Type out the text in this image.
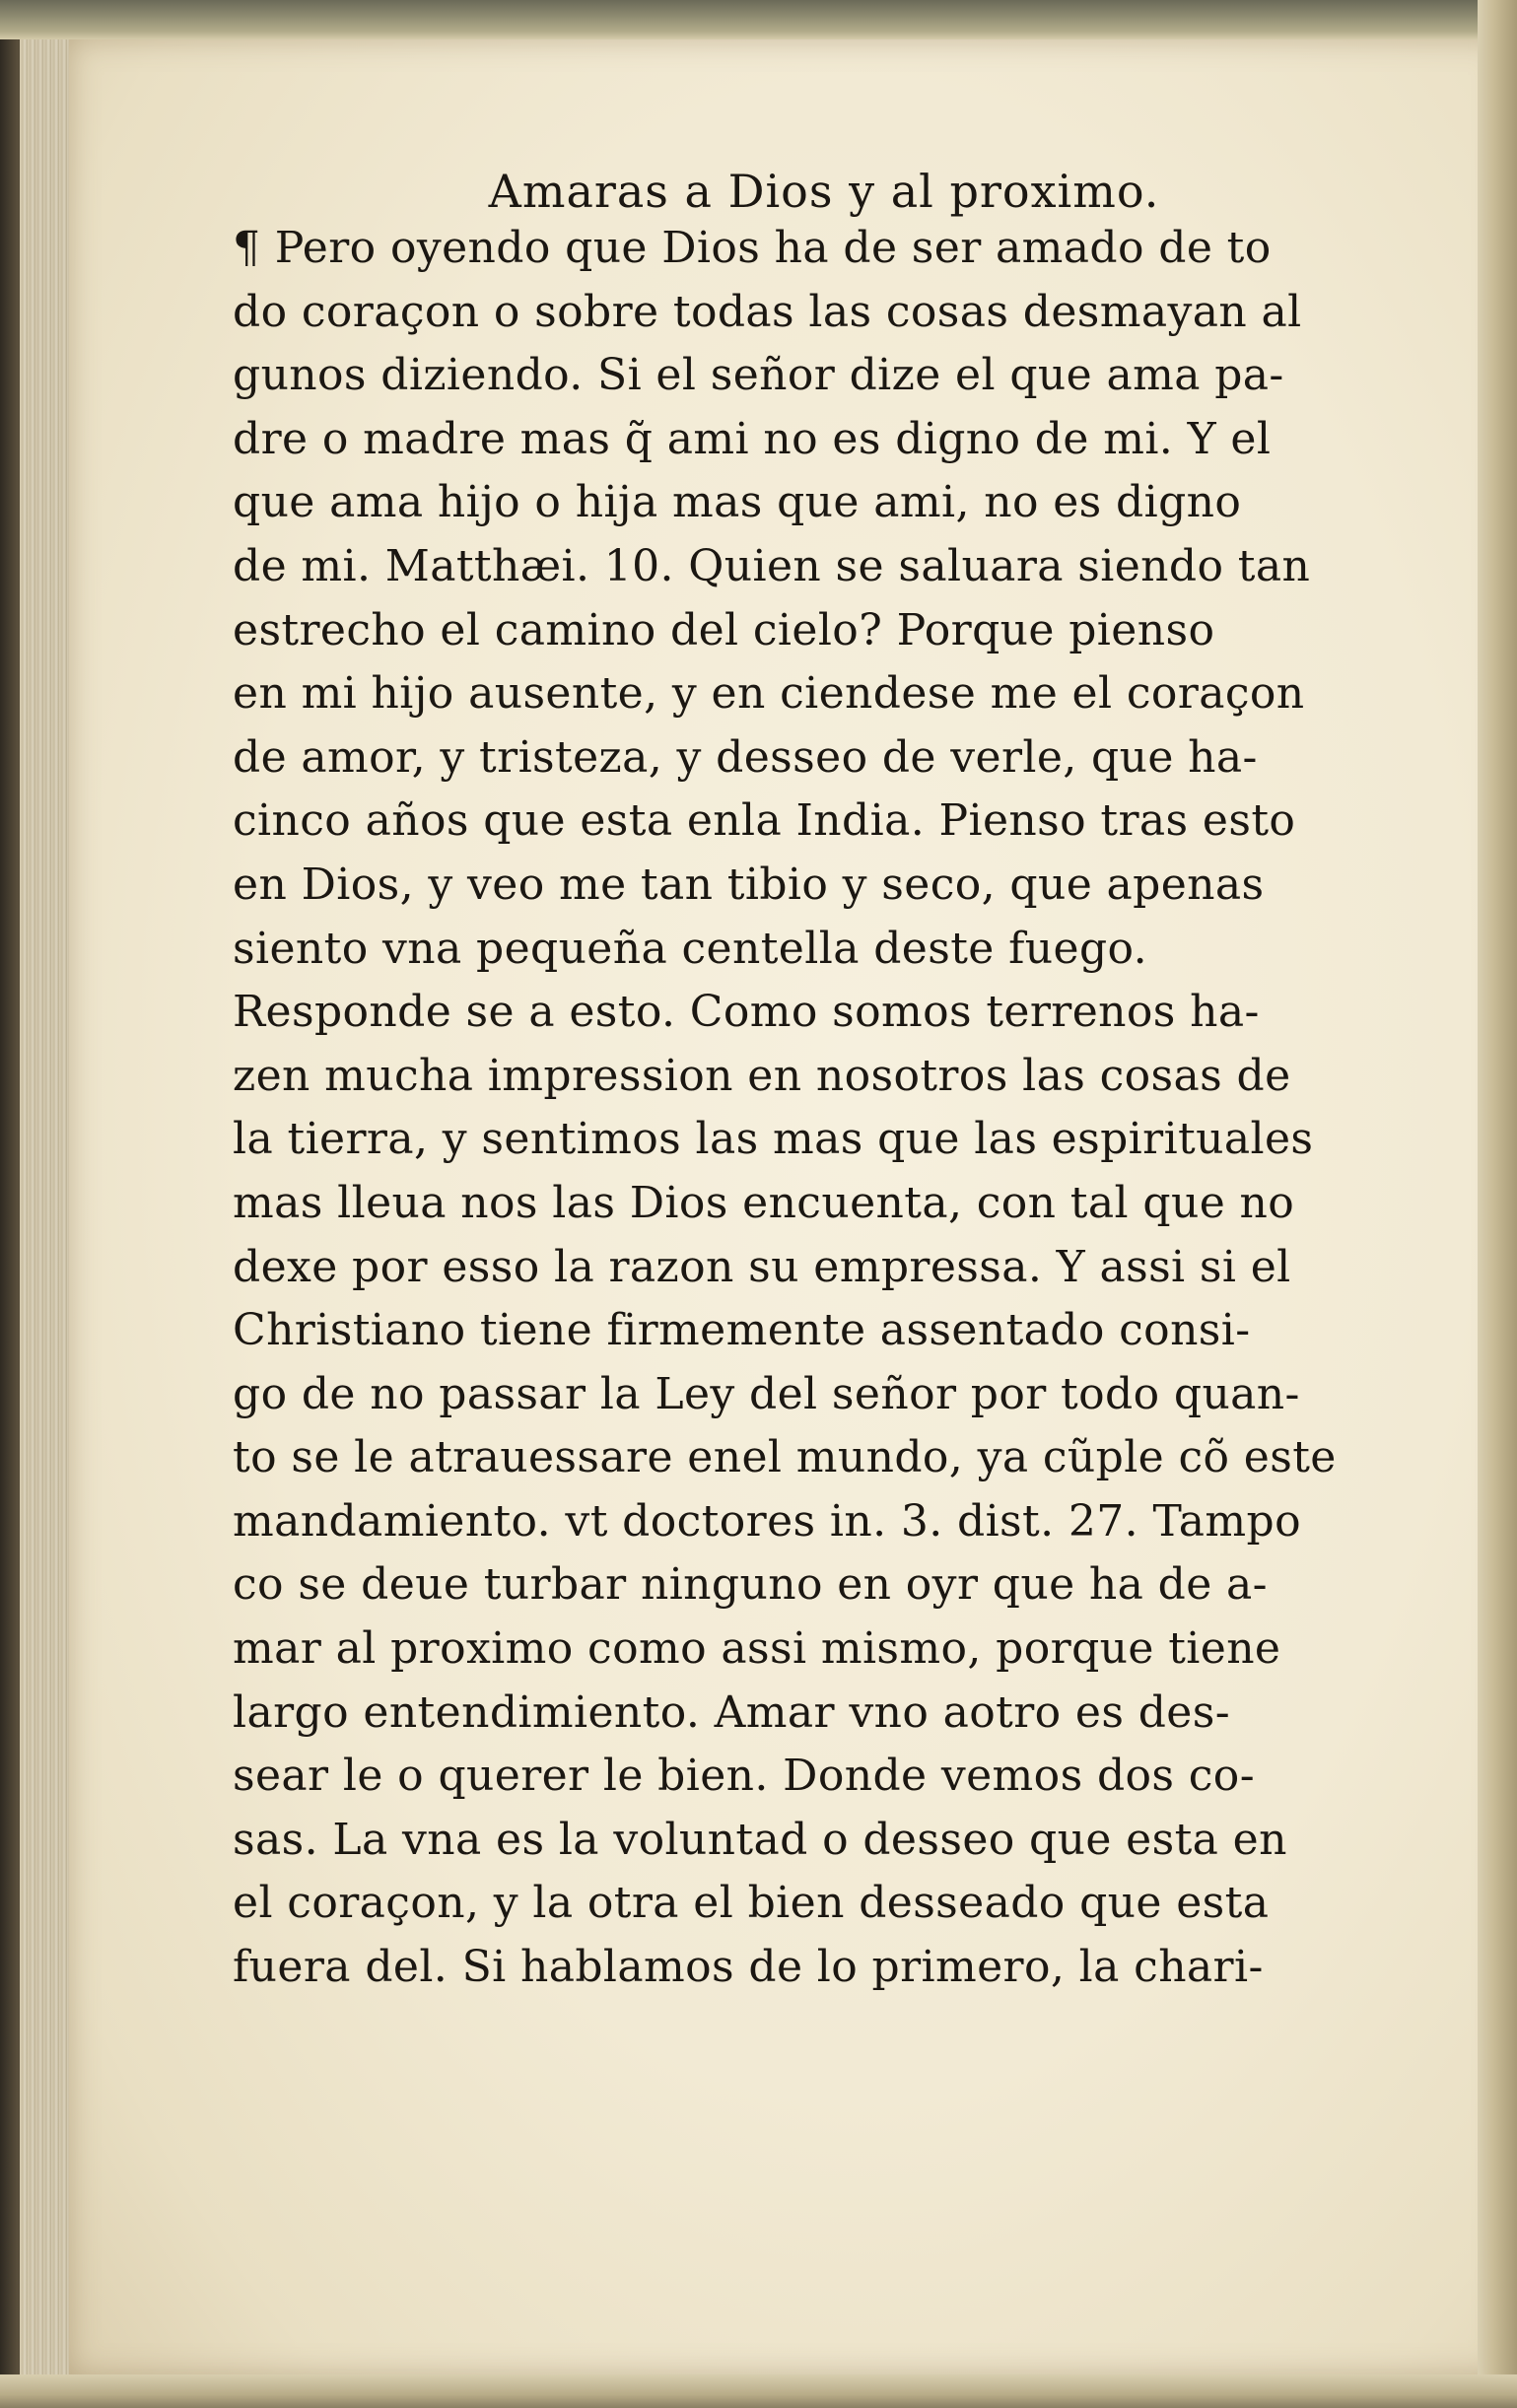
Amaras a Dios y al proximo.
¶ Pero oyendo que Dios ha de ser amado de to
do coraçon o sobre todas las cosas desmayan al
gunos diziendo. Si el señor dize el que ama pa-
dre o madre mas q̃ ami no es digno de mi. Y el
que ama hijo o hija mas que ami, no es digno
de mi. Matthæi. 10. Quien se saluara siendo tan
estrecho el camino del cielo? Porque pienso
en mi hijo ausente, y en ciendese me el coraçon
de amor, y tristeza, y desseo de verle, que ha-
cinco años que esta enla India. Pienso tras esto
en Dios, y veo me tan tibio y seco, que apenas
siento vna pequeña centella deste fuego.
Responde se a esto. Como somos terrenos ha-
zen mucha impression en nosotros las cosas de
la tierra, y sentimos las mas que las espirituales
mas lleua nos las Dios encuenta, con tal que no
dexe por esso la razon su empressa. Y assi si el
Christiano tiene firmemente assentado consi-
go de no passar la Ley del señor por todo quan-
to se le atrauessare enel mundo, ya cũple cõ este
mandamiento. vt doctores in. 3. dist. 27. Tampo
co se deue turbar ninguno en oyr que ha de a-
mar al proximo como assi mismo, porque tiene
largo entendimiento. Amar vno aotro es des-
sear le o querer le bien. Donde vemos dos co-
sas. La vna es la voluntad o desseo que esta en
el coraçon, y la otra el bien desseado que esta
fuera del. Si hablamos de lo primero, la chari-
